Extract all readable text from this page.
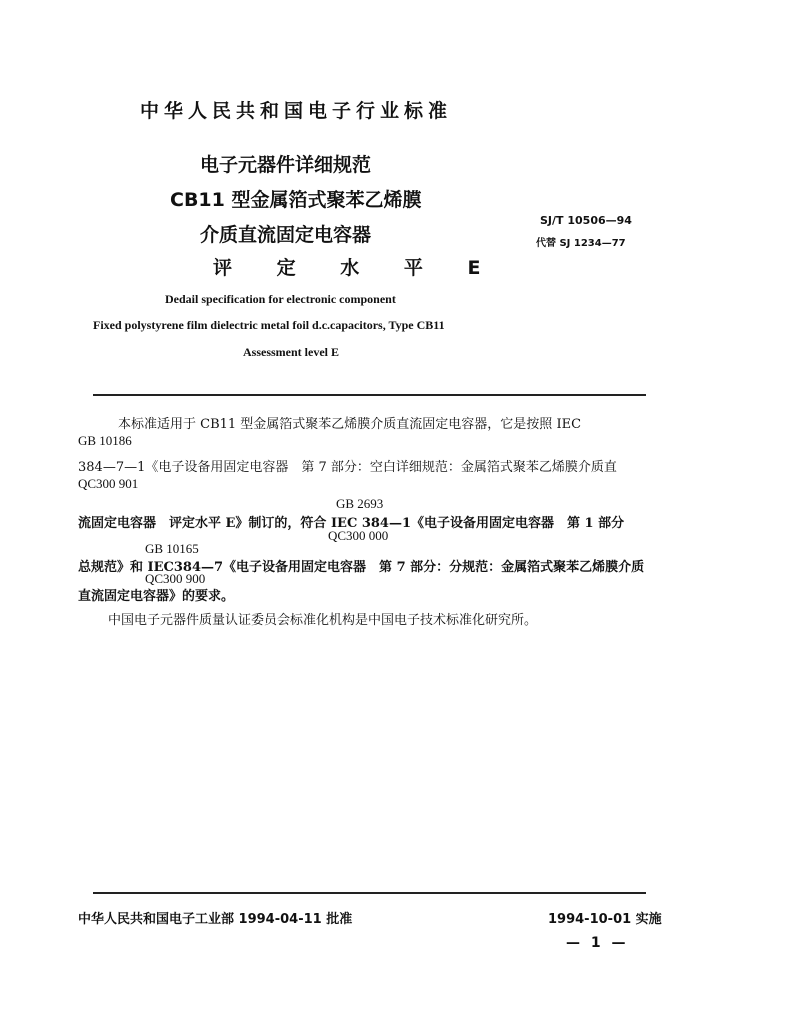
中华人民共和国电子行业标准
电子元器件详细规范
CB11 型金属箔式聚苯乙烯膜
介质直流固定电容器
评 定 水 平 E
SJ/T 10506—94
代替 SJ 1234—77
Dedail specification for electronic component
Fixed polystyrene film dielectric metal foil d.c.capacitors, Type CB11
Assessment level E
本标准适用于 CB11 型金属箔式聚苯乙烯膜介质直流固定电容器，它是按照 IEC
GB 10186
384—7—1《电子设备用固定电容器　第 7 部分：空白详细规范：金属箔式聚苯乙烯膜介质直
QC300 901
GB 2693
流固定电容器　评定水平 E》制订的，符合 IEC 384—1《电子设备用固定电容器　第 1 部分
QC300 000
GB 10165
总规范》和 IEC384—7《电子设备用固定电容器　第 7 部分：分规范：金属箔式聚苯乙烯膜介质
QC300 900
直流固定电容器》的要求。
中国电子元器件质量认证委员会标准化机构是中国电子技术标准化研究所。
中华人民共和国电子工业部 1994-04-11 批准	1994-10-01 实施
— 1 —
